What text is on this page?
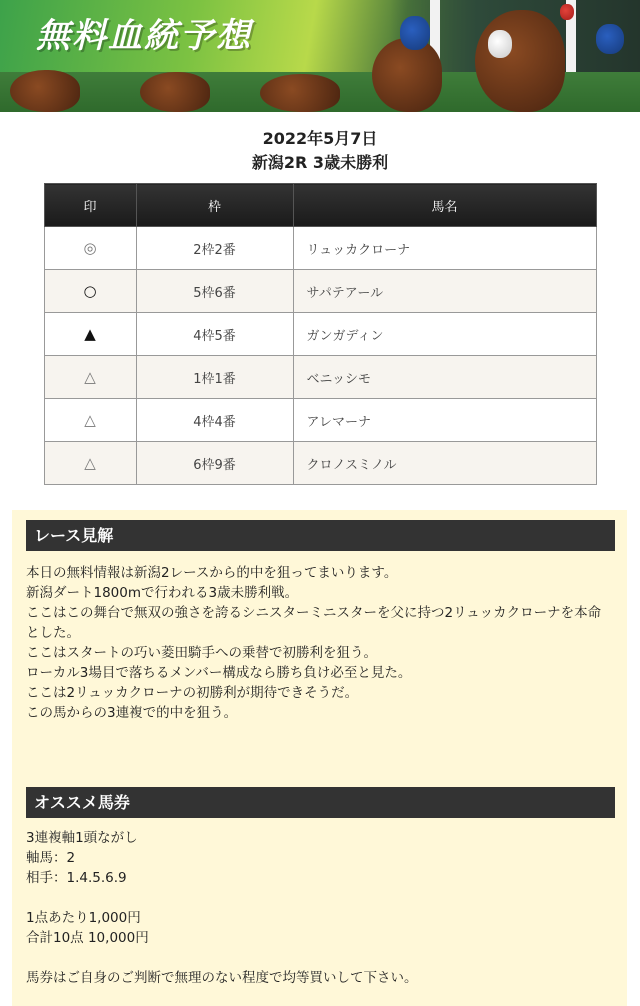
無料血統予想
2022年5月7日
新潟2R 3歳未勝利
印	枠	馬名
◎	2枠2番	リュッカクローナ
○	5枠6番	サパテアール
▲	4枠5番	ガンガディン
△	1枠1番	ベニッシモ
△	4枠4番	アレマーナ
△	6枠9番	クロノスミノル
レース見解

本日の無料情報は新潟2レースから的中を狙ってまいります。

新潟ダート1800mで行われる3歳未勝利戦。

ここはこの舞台で無双の強さを誇るシニスターミニスターを父に持つ2リュッカクローナを本命

とした。

ここはスタートの巧い菱田騎手への乗替で初勝利を狙う。

ローカル3場目で落ちるメンバー構成なら勝ち負け必至と見た。

ここは2リュッカクローナの初勝利が期待できそうだ。

この馬からの3連複で的中を狙う。

オススメ馬券

3連複軸1頭ながし

軸馬：2

相手：1.4.5.6.9

1点あたり1,000円

合計10点 10,000円

馬券はご自身のご判断で無理のない程度で均等買いして下さい。
